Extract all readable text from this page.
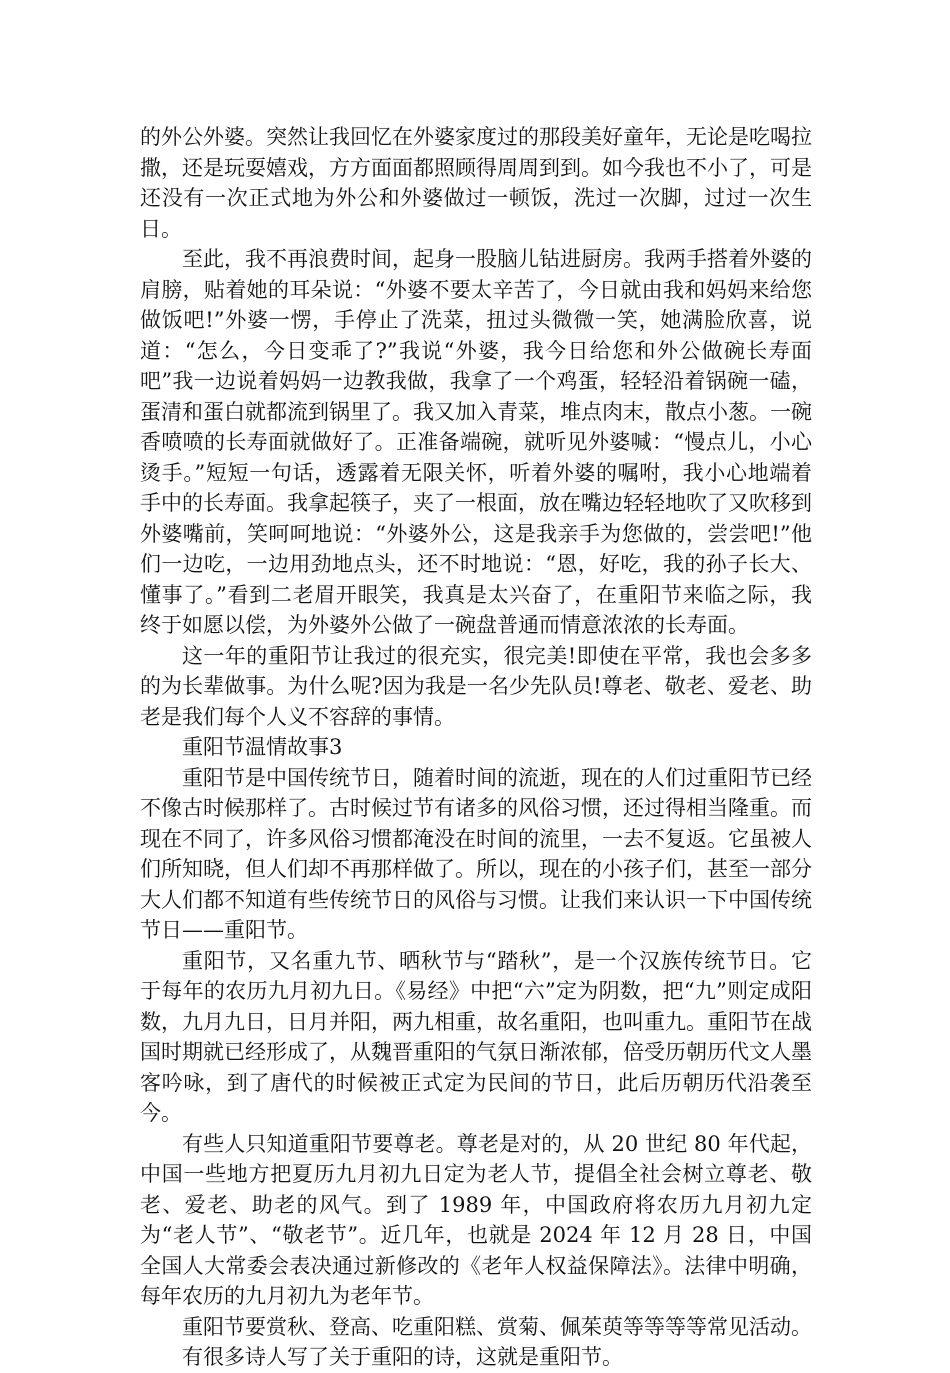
的外公外婆。突然让我回忆在外婆家度过的那段美好童年，无论是吃喝拉撒，还是玩耍嬉戏，方方面面都照顾得周周到到。如今我也不小了，可是还没有一次正式地为外公和外婆做过一顿饭，洗过一次脚，过过一次生日。

至此，我不再浪费时间，起身一股脑儿钻进厨房。我两手搭着外婆的肩膀，贴着她的耳朵说：“外婆不要太辛苦了，今日就由我和妈妈来给您做饭吧!”外婆一愣，手停止了洗菜，扭过头微微一笑，她满脸欣喜，说道：“怎么，今日变乖了?”我说“外婆，我今日给您和外公做碗长寿面吧”我一边说着妈妈一边教我做，我拿了一个鸡蛋，轻轻沿着锅碗一磕，蛋清和蛋白就都流到锅里了。我又加入青菜，堆点肉末，散点小葱。一碗香喷喷的长寿面就做好了。正准备端碗，就听见外婆喊：“慢点儿，小心烫手。”短短一句话，透露着无限关怀，听着外婆的嘱咐，我小心地端着手中的长寿面。我拿起筷子，夹了一根面，放在嘴边轻轻地吹了又吹移到外婆嘴前，笑呵呵地说：“外婆外公，这是我亲手为您做的，尝尝吧!”他们一边吃，一边用劲地点头，还不时地说：“恩，好吃，我的孙子长大、懂事了。”看到二老眉开眼笑，我真是太兴奋了，在重阳节来临之际，我终于如愿以偿，为外婆外公做了一碗盘普通而情意浓浓的长寿面。

这一年的重阳节让我过的很充实，很完美!即使在平常，我也会多多的为长辈做事。为什么呢?因为我是一名少先队员!尊老、敬老、爱老、助老是我们每个人义不容辞的事情。

重阳节温情故事3

重阳节是中国传统节日，随着时间的流逝，现在的人们过重阳节已经不像古时候那样了。古时候过节有诸多的风俗习惯，还过得相当隆重。而现在不同了，许多风俗习惯都淹没在时间的流里，一去不复返。它虽被人们所知晓，但人们却不再那样做了。所以，现在的小孩子们，甚至一部分大人们都不知道有些传统节日的风俗与习惯。让我们来认识一下中国传统节日——重阳节。

重阳节，又名重九节、晒秋节与“踏秋”，是一个汉族传统节日。它于每年的农历九月初九日。《易经》中把“六”定为阴数，把“九”则定成阳数，九月九日，日月并阳，两九相重，故名重阳，也叫重九。重阳节在战国时期就已经形成了，从魏晋重阳的气氛日渐浓郁，倍受历朝历代文人墨客吟咏，到了唐代的时候被正式定为民间的节日，此后历朝历代沿袭至今。

有些人只知道重阳节要尊老。尊老是对的，从 20 世纪 80 年代起，中国一些地方把夏历九月初九日定为老人节，提倡全社会树立尊老、敬老、爱老、助老的风气。到了 1989 年，中国政府将农历九月初九定为“老人节”、“敬老节”。近几年，也就是 2024 年 12 月 28 日，中国全国人大常委会表决通过新修改的《老年人权益保障法》。法律中明确，每年农历的九月初九为老年节。

重阳节要赏秋、登高、吃重阳糕、赏菊、佩茱萸等等等等常见活动。

有很多诗人写了关于重阳的诗，这就是重阳节。
